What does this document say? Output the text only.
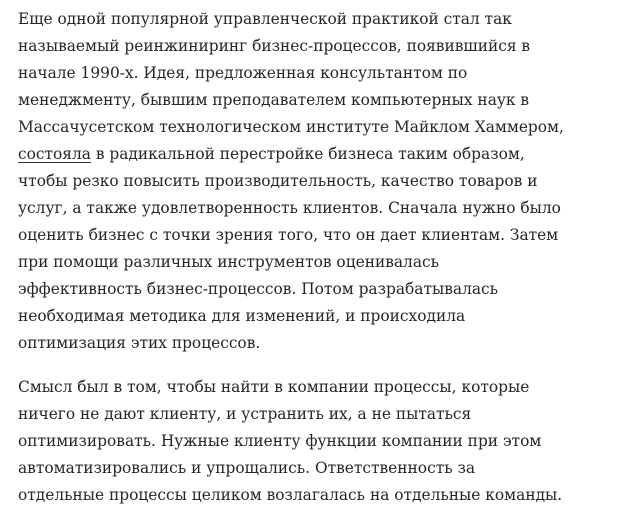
Еще одной популярной управленческой практикой стал так
называемый реинжиниринг бизнес-процессов, появившийся в
начале 1990-х. Идея, предложенная консультантом по
менеджменту, бывшим преподавателем компьютерных наук в
Массачусетском технологическом институте Майклом Хаммером,
состояла в радикальной перестройке бизнеса таким образом,
чтобы резко повысить производительность, качество товаров и
услуг, а также удовлетворенность клиентов. Сначала нужно было
оценить бизнес с точки зрения того, что он дает клиентам. Затем
при помощи различных инструментов оценивалась
эффективность бизнес-процессов. Потом разрабатывалась
необходимая методика для изменений, и происходила
оптимизация этих процессов.

Смысл был в том, чтобы найти в компании процессы, которые
ничего не дают клиенту, и устранить их, а не пытаться
оптимизировать. Нужные клиенту функции компании при этом
автоматизировались и упрощались. Ответственность за
отдельные процессы целиком возлагалась на отдельные команды.
